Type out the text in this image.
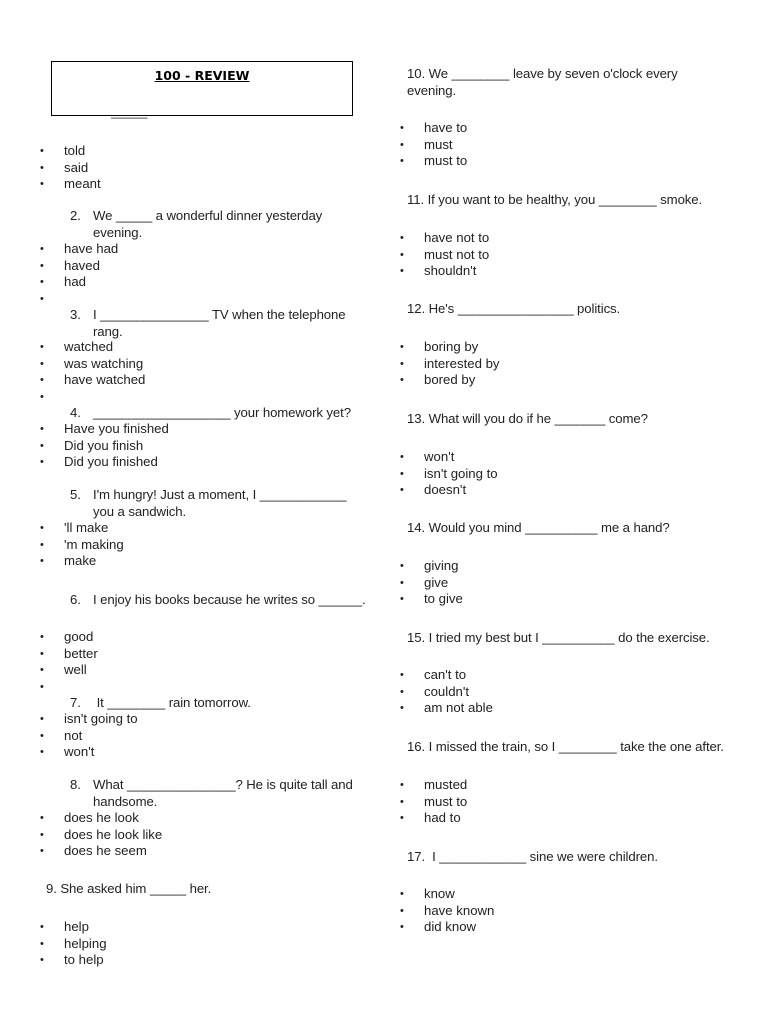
100 - REVIEW
• told
• said
• meant
2. We _____ a wonderful dinner yesterday evening.
• have had
• haved
• had
•
3. I _______________ TV when the telephone rang.
• watched
• was watching
• have watched
•
4. ___________________ your homework yet?
• Have you finished
• Did you finish
• Did you finished
5. I'm hungry! Just a moment, I ____________ you a sandwich.
• 'll make
• 'm making
• make
6. I enjoy his books because he writes so ______.
• good
• better
• well
•
7. It ________ rain tomorrow.
• isn't going to
• not
• won't
8. What _______________? He is quite tall and handsome.
• does he look
• does he look like
• does he seem
9. She asked him _____ her.
• help
• helping
• to help
10. We ________ leave by seven o'clock every evening.
• have to
• must
• must to
11. If you want to be healthy, you ________ smoke.
• have not to
• must not to
• shouldn't
12. He's ________________ politics.
• boring by
• interested by
• bored by
13. What will you do if he _______ come?
• won't
• isn't going to
• doesn't
14. Would you mind __________ me a hand?
• giving
• give
• to give
15. I tried my best but I __________ do the exercise.
• can't to
• couldn't
• am not able
16. I missed the train, so I ________ take the one after.
• musted
• must to
• had to
17.  I ____________ sine we were children.
• know
• have known
• did know
